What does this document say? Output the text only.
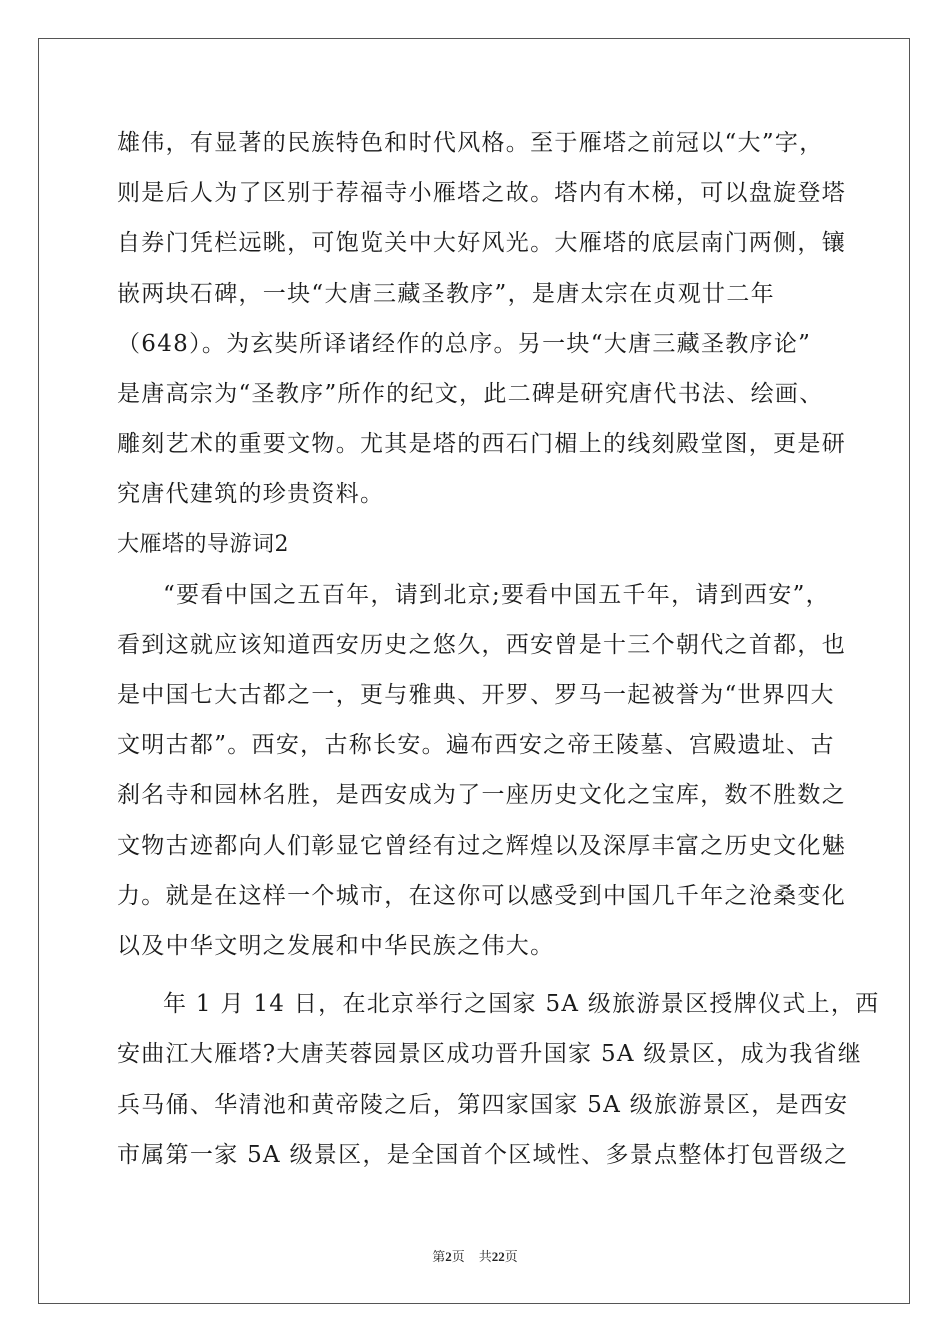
雄伟，有显著的民族特色和时代风格。至于雁塔之前冠以“大”字，
则是后人为了区别于荐福寺小雁塔之故。塔内有木梯，可以盘旋登塔
自券门凭栏远眺，可饱览关中大好风光。大雁塔的底层南门两侧，镶
嵌两块石碑，一块“大唐三藏圣教序”，是唐太宗在贞观廿二年
（648）。为玄奘所译诸经作的总序。另一块“大唐三藏圣教序论”
是唐高宗为“圣教序”所作的纪文，此二碑是研究唐代书法、绘画、
雕刻艺术的重要文物。尤其是塔的西石门楣上的线刻殿堂图，更是研
究唐代建筑的珍贵资料。
大雁塔的导游词2
“要看中国之五百年，请到北京;要看中国五千年，请到西安”，
看到这就应该知道西安历史之悠久，西安曾是十三个朝代之首都，也
是中国七大古都之一，更与雅典、开罗、罗马一起被誉为“世界四大
文明古都”。西安，古称长安。遍布西安之帝王陵墓、宫殿遗址、古
刹名寺和园林名胜，是西安成为了一座历史文化之宝库，数不胜数之
文物古迹都向人们彰显它曾经有过之辉煌以及深厚丰富之历史文化魅
力。就是在这样一个城市，在这你可以感受到中国几千年之沧桑变化
以及中华文明之发展和中华民族之伟大。
年 1 月 14 日，在北京举行之国家 5A 级旅游景区授牌仪式上，西
安曲江大雁塔?大唐芙蓉园景区成功晋升国家 5A 级景区，成为我省继
兵马俑、华清池和黄帝陵之后，第四家国家 5A 级旅游景区，是西安
市属第一家 5A 级景区，是全国首个区域性、多景点整体打包晋级之
第2页 共22页
